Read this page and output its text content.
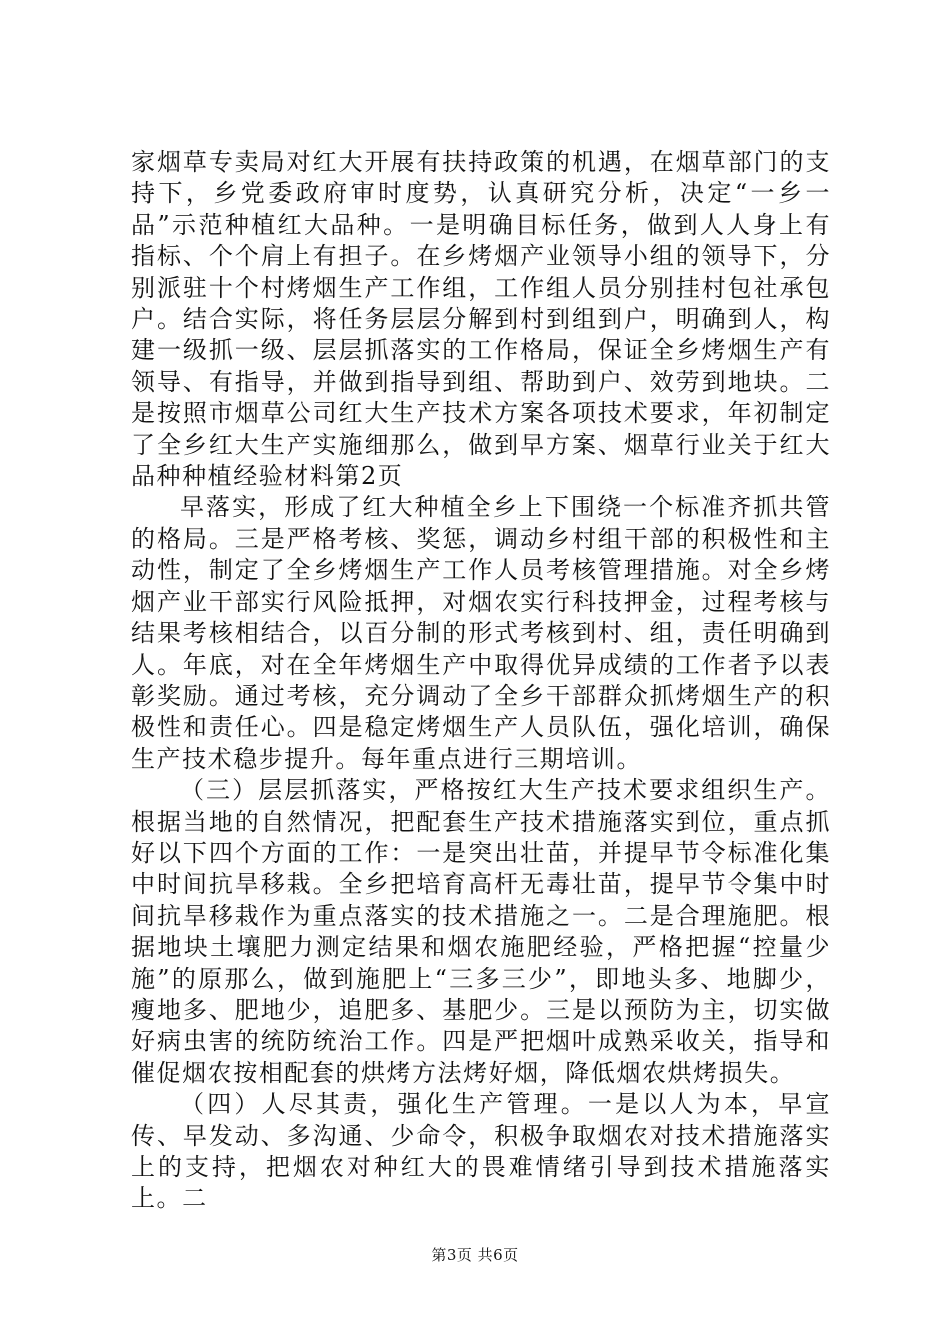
家烟草专卖局对红大开展有扶持政策的机遇，在烟草部门的支持下，乡党委政府审时度势，认真研究分析，决定“一乡一品”示范种植红大品种。一是明确目标任务，做到人人身上有指标、个个肩上有担子。在乡烤烟产业领导小组的领导下，分别派驻十个村烤烟生产工作组，工作组人员分别挂村包社承包户。结合实际，将任务层层分解到村到组到户，明确到人，构建一级抓一级、层层抓落实的工作格局，保证全乡烤烟生产有领导、有指导，并做到指导到组、帮助到户、效劳到地块。二是按照市烟草公司红大生产技术方案各项技术要求，年初制定了全乡红大生产实施细那么，做到早方案、烟草行业关于红大品种种植经验材料第2页

早落实，形成了红大种植全乡上下围绕一个标准齐抓共管的格局。三是严格考核、奖惩，调动乡村组干部的积极性和主动性，制定了全乡烤烟生产工作人员考核管理措施。对全乡烤烟产业干部实行风险抵押，对烟农实行科技押金，过程考核与结果考核相结合，以百分制的形式考核到村、组，责任明确到人。年底，对在全年烤烟生产中取得优异成绩的工作者予以表彰奖励。通过考核，充分调动了全乡干部群众抓烤烟生产的积极性和责任心。四是稳定烤烟生产人员队伍，强化培训，确保生产技术稳步提升。每年重点进行三期培训。

（三）层层抓落实，严格按红大生产技术要求组织生产。根据当地的自然情况，把配套生产技术措施落实到位，重点抓好以下四个方面的工作：一是突出壮苗，并提早节令标准化集中时间抗旱移栽。全乡把培育高杆无毒壮苗，提早节令集中时间抗旱移栽作为重点落实的技术措施之一。二是合理施肥。根据地块土壤肥力测定结果和烟农施肥经验，严格把握“控量少施”的原那么，做到施肥上“三多三少”，即地头多、地脚少，瘦地多、肥地少，追肥多、基肥少。三是以预防为主，切实做好病虫害的统防统治工作。四是严把烟叶成熟采收关，指导和催促烟农按相配套的烘烤方法烤好烟，降低烟农烘烤损失。

（四）人尽其责，强化生产管理。一是以人为本，早宣传、早发动、多沟通、少命令，积极争取烟农对技术措施落实上的支持，把烟农对种红大的畏难情绪引导到技术措施落实上。二

第3页 共6页
